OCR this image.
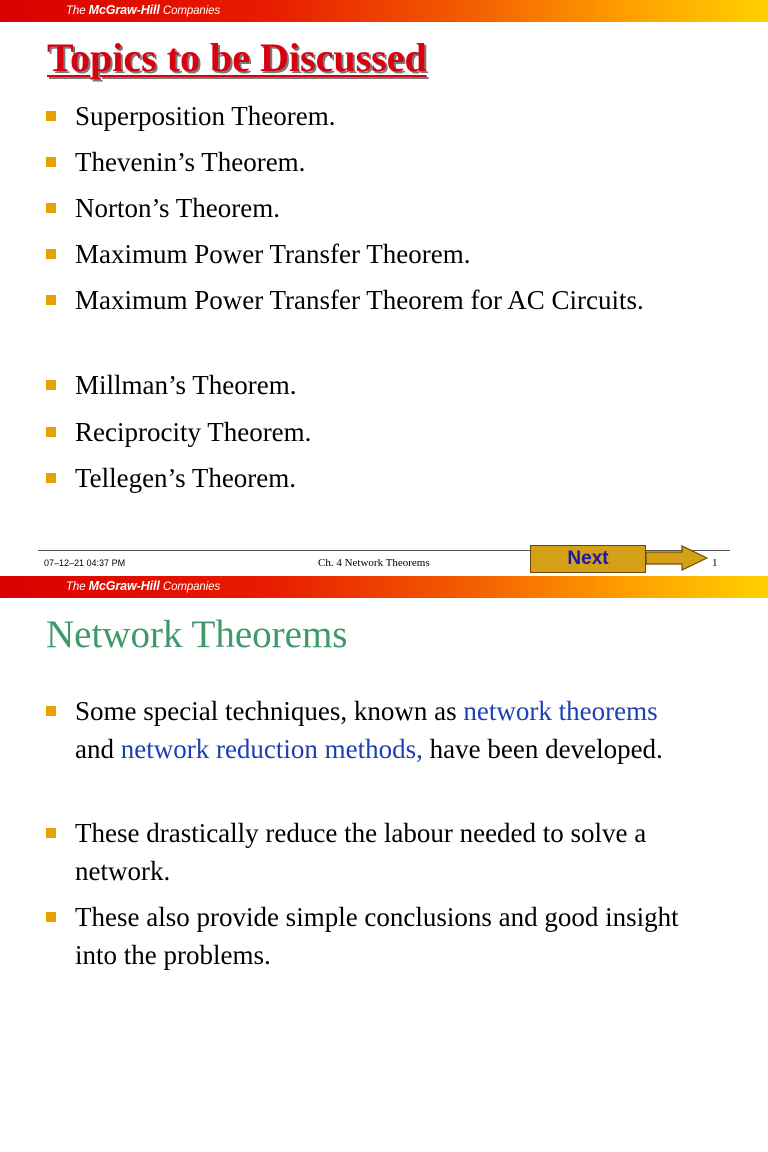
The McGraw-Hill Companies
Topics to be Discussed
Superposition Theorem.
Thevenin’s Theorem.
Norton’s Theorem.
Maximum Power Transfer Theorem.
Maximum Power Transfer Theorem for AC Circuits.
Millman’s Theorem.
Reciprocity Theorem.
Tellegen’s Theorem.
07–12–21 04:37 PM	Ch. 4 Network Theorems	1
Next
The McGraw-Hill Companies
Network Theorems
Some special techniques, known as network theorems and network reduction methods, have been developed.
These drastically reduce the labour needed to solve a network.
These also provide simple conclusions and good insight into the problems.
